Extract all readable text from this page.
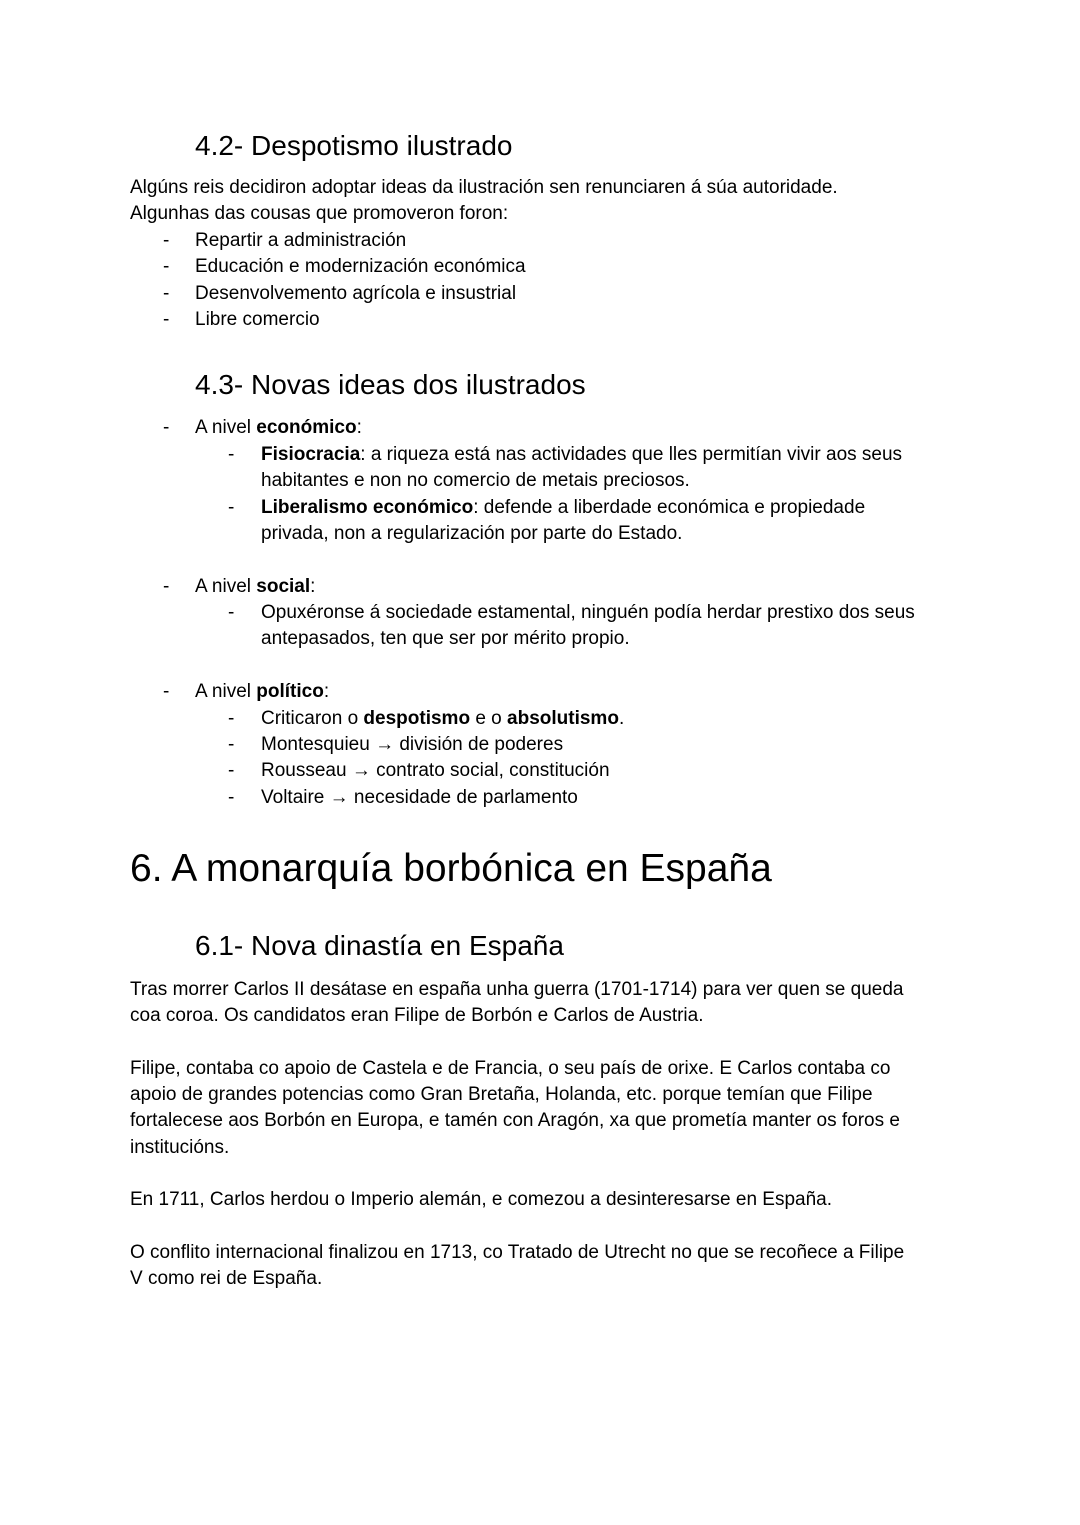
4.2- Despotismo ilustrado
Algúns reis decidiron adoptar ideas da ilustración sen renunciaren á súa autoridade.
Algunhas das cousas que promoveron foron:
- Repartir a administración
- Educación e modernización económica
- Desenvolvemento agrícola e insustrial
- Libre comercio
4.3- Novas ideas dos ilustrados
- A nivel económico:
- Fisiocracia: a riqueza está nas actividades que lles permitían vivir aos seus
habitantes e non no comercio de metais preciosos.
- Liberalismo económico: defende a liberdade económica e propiedade
privada, non a regularización por parte do Estado.
- A nivel social:
- Opuxéronse á sociedade estamental, ninguén podía herdar prestixo dos seus
antepasados, ten que ser por mérito propio.
- A nivel político:
- Criticaron o despotismo e o absolutismo.
- Montesquieu → división de poderes
- Rousseau → contrato social, constitución
- Voltaire → necesidade de parlamento
6. A monarquía borbónica en España
6.1- Nova dinastía en España
Tras morrer Carlos II desátase en españa unha guerra (1701-1714) para ver quen se queda
coa coroa. Os candidatos eran Filipe de Borbón e Carlos de Austria.
Filipe, contaba co apoio de Castela e de Francia, o seu país de orixe. E Carlos contaba co
apoio de grandes potencias como Gran Bretaña, Holanda, etc. porque temían que Filipe
fortalecese aos Borbón en Europa, e tamén con Aragón, xa que prometía manter os foros e
institucións.
En 1711, Carlos herdou o Imperio alemán, e comezou a desinteresarse en España.
O conflito internacional finalizou en 1713, co Tratado de Utrecht no que se recoñece a Filipe
V como rei de España.
